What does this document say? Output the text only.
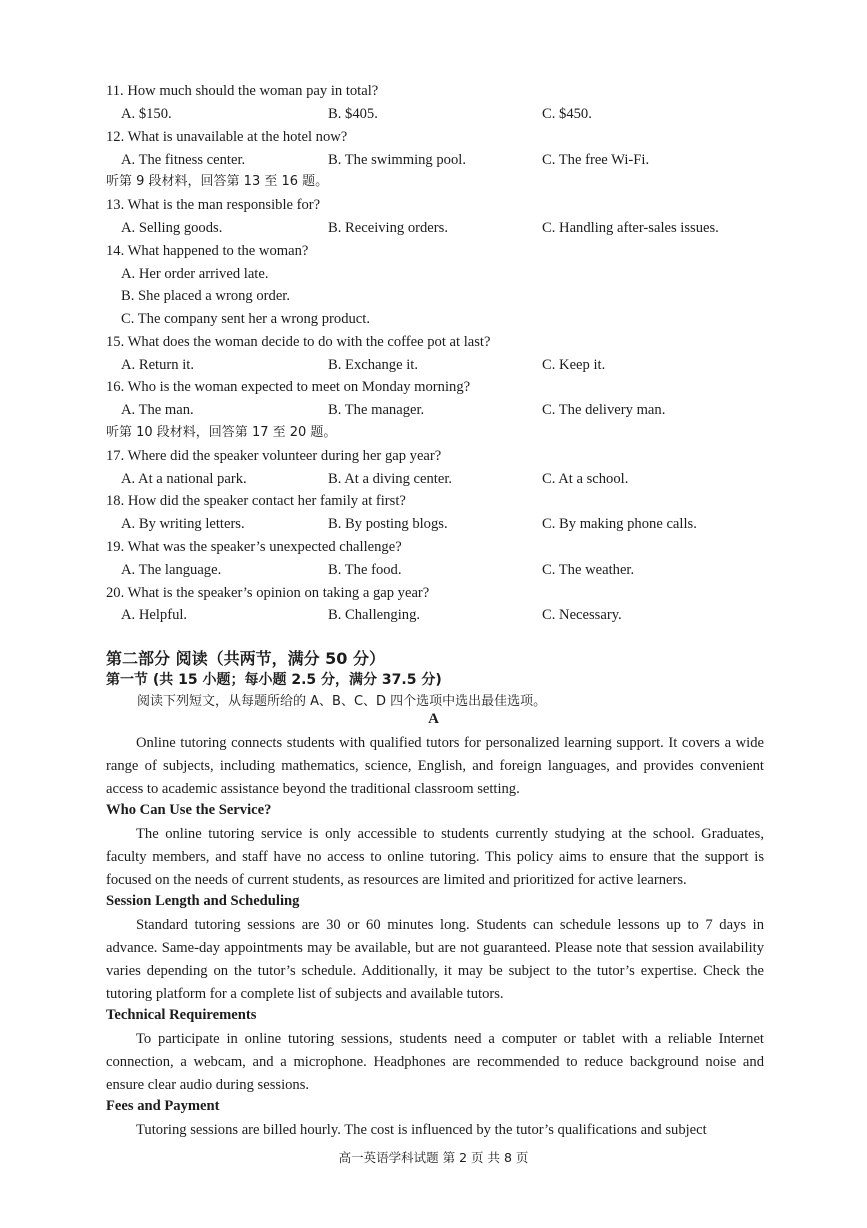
11. How much should the woman pay in total?
A. $150.	B. $405.	C. $450.
12. What is unavailable at the hotel now?
A. The fitness center.	B. The swimming pool.	C. The free Wi-Fi.
听第 9 段材料，回答第 13 至 16 题。
13. What is the man responsible for?
A. Selling goods.	B. Receiving orders.	C. Handling after-sales issues.
14. What happened to the woman?
A. Her order arrived late.
B. She placed a wrong order.
C. The company sent her a wrong product.
15. What does the woman decide to do with the coffee pot at last?
A. Return it.	B. Exchange it.	C. Keep it.
16. Who is the woman expected to meet on Monday morning?
A. The man.	B. The manager.	C. The delivery man.
听第 10 段材料，回答第 17 至 20 题。
17. Where did the speaker volunteer during her gap year?
A. At a national park.	B. At a diving center.	C. At a school.
18. How did the speaker contact her family at first?
A. By writing letters.	B. By posting blogs.	C. By making phone calls.
19. What was the speaker’s unexpected challenge?
A. The language.	B. The food.	C. The weather.
20. What is the speaker’s opinion on taking a gap year?
A. Helpful.	B. Challenging.	C. Necessary.
第二部分 阅读（共两节，满分 50 分）
第一节 (共 15 小题；每小题 2.5 分，满分 37.5 分)
阅读下列短文，从每题所给的 A、B、C、D 四个选项中选出最佳选项。
A
Online tutoring connects students with qualified tutors for personalized learning support. It covers a wide range of subjects, including mathematics, science, English, and foreign languages, and provides convenient access to academic assistance beyond the traditional classroom setting.
Who Can Use the Service?
The online tutoring service is only accessible to students currently studying at the school. Graduates, faculty members, and staff have no access to online tutoring. This policy aims to ensure that the support is focused on the needs of current students, as resources are limited and prioritized for active learners.
Session Length and Scheduling
Standard tutoring sessions are 30 or 60 minutes long. Students can schedule lessons up to 7 days in advance. Same-day appointments may be available, but are not guaranteed. Please note that session availability varies depending on the tutor’s schedule. Additionally, it may be subject to the tutor’s expertise. Check the tutoring platform for a complete list of subjects and available tutors.
Technical Requirements
To participate in online tutoring sessions, students need a computer or tablet with a reliable Internet connection, a webcam, and a microphone. Headphones are recommended to reduce background noise and ensure clear audio during sessions.
Fees and Payment
Tutoring sessions are billed hourly. The cost is influenced by the tutor’s qualifications and subject
高一英语学科试题 第 2 页 共 8 页
